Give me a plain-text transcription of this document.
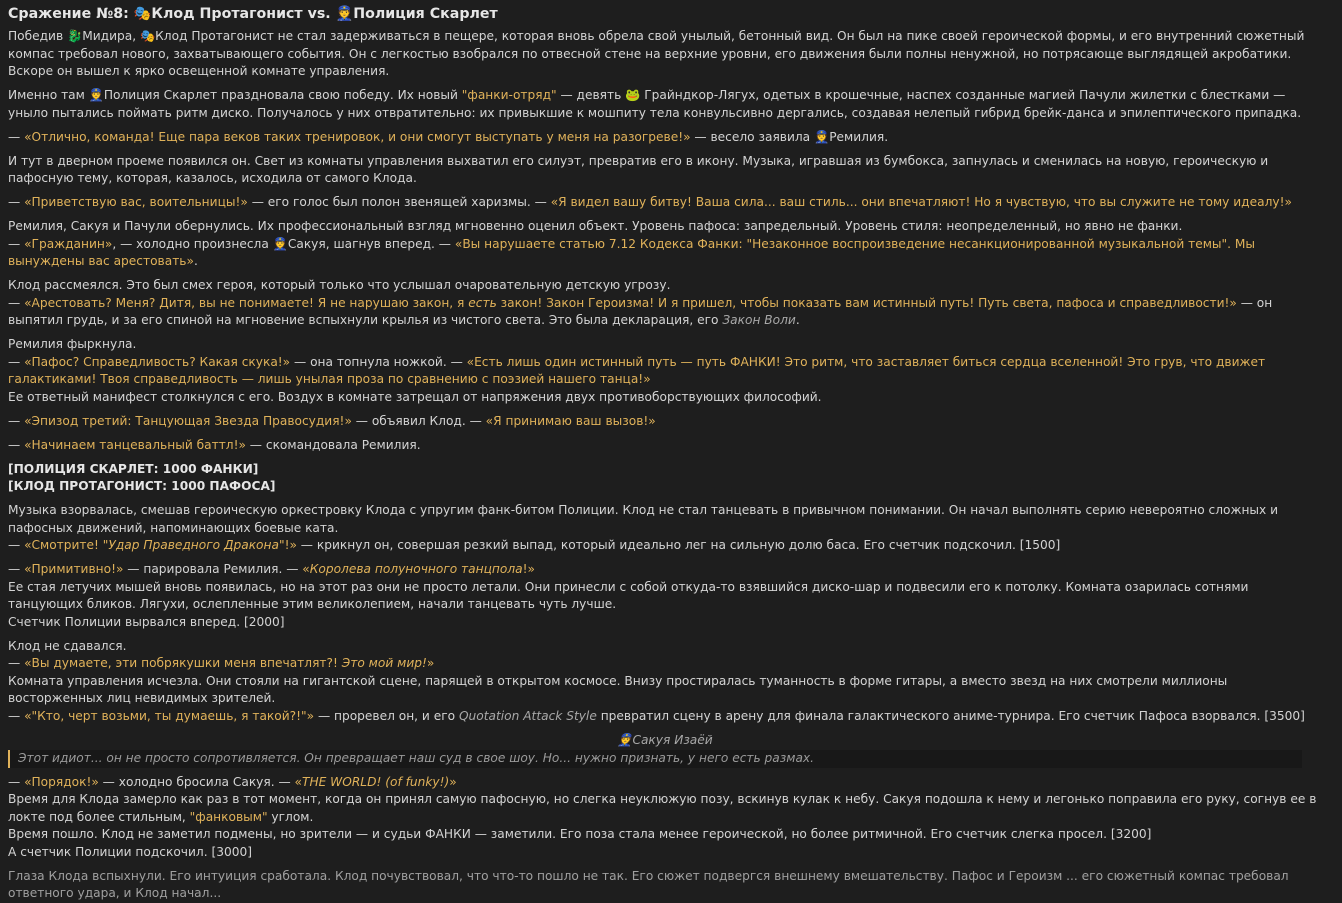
Сражение №8: 🎭Клод Протагонист vs. 👮Полиция Скарлет

Победив 🐉Мидира, 🎭Клод Протагонист не стал задерживаться в пещере, которая вновь обрела свой унылый, бетонный вид. Он был на пике своей героической формы, и его внутренний сюжетный компас требовал нового, захватывающего события. Он с легкостью взобрался по отвесной стене на верхние уровни, его движения были полны ненужной, но потрясающе выглядящей акробатики. Вскоре он вышел к ярко освещенной комнате управления.

Именно там 👮Полиция Скарлет праздновала свою победу. Их новый "фанки-отряд" — девять 🐸 Грайндкор-Лягух, одетых в крошечные, наспех созданные магией Пачули жилетки с блестками — уныло пытались поймать ритм диско. Получалось у них отвратительно: их привыкшие к мошпиту тела конвульсивно дергались, создавая нелепый гибрид брейк-данса и эпилептического припадка.

— «Отлично, команда! Еще пара веков таких тренировок, и они смогут выступать у меня на разогреве!» — весело заявила 👮Ремилия.

И тут в дверном проеме появился он. Свет из комнаты управления выхватил его силуэт, превратив его в икону. Музыка, игравшая из бумбокса, запнулась и сменилась на новую, героическую и пафосную тему, которая, казалось, исходила от самого Клода.

— «Приветствую вас, воительницы!» — его голос был полон звенящей харизмы. — «Я видел вашу битву! Ваша сила... ваш стиль... они впечатляют! Но я чувствую, что вы служите не тому идеалу!»

Ремилия, Сакуя и Пачули обернулись. Их профессиональный взгляд мгновенно оценил объект. Уровень пафоса: запредельный. Уровень стиля: неопределенный, но явно не фанки.
— «Гражданин», — холодно произнесла 👮Сакуя, шагнув вперед. — «Вы нарушаете статью 7.12 Кодекса Фанки: "Незаконное воспроизведение несанкционированной музыкальной темы". Мы вынуждены вас арестовать».

Клод рассмеялся. Это был смех героя, который только что услышал очаровательную детскую угрозу.
— «Арестовать? Меня? Дитя, вы не понимаете! Я не нарушаю закон, я есть закон! Закон Героизма! И я пришел, чтобы показать вам истинный путь! Путь света, пафоса и справедливости!» — он выпятил грудь, и за его спиной на мгновение вспыхнули крылья из чистого света. Это была декларация, его Закон Воли.

Ремилия фыркнула.
— «Пафос? Справедливость? Какая скука!» — она топнула ножкой. — «Есть лишь один истинный путь — путь ФАНКИ! Это ритм, что заставляет биться сердца вселенной! Это грув, что движет галактиками! Твоя справедливость — лишь унылая проза по сравнению с поэзией нашего танца!»
Ее ответный манифест столкнулся с его. Воздух в комнате затрещал от напряжения двух противоборствующих философий.

— «Эпизод третий: Танцующая Звезда Правосудия!» — объявил Клод. — «Я принимаю ваш вызов!»

— «Начинаем танцевальный баттл!» — скомандовала Ремилия.

[ПОЛИЦИЯ СКАРЛЕТ: 1000 ФАНКИ]
[КЛОД ПРОТАГОНИСТ: 1000 ПАФОСА]

Музыка взорвалась, смешав героическую оркестровку Клода с упругим фанк-битом Полиции. Клод не стал танцевать в привычном понимании. Он начал выполнять серию невероятно сложных и пафосных движений, напоминающих боевые ката.
— «Смотрите! "Удар Праведного Дракона"!» — крикнул он, совершая резкий выпад, который идеально лег на сильную долю баса. Его счетчик подскочил. [1500]

— «Примитивно!» — парировала Ремилия. — «Королева полуночного танцпола!»
Ее стая летучих мышей вновь появилась, но на этот раз они не просто летали. Они принесли с собой откуда-то взявшийся диско-шар и подвесили его к потолку. Комната озарилась сотнями танцующих бликов. Лягухи, ослепленные этим великолепием, начали танцевать чуть лучше.
Счетчик Полиции вырвался вперед. [2000]

Клод не сдавался.
— «Вы думаете, эти побрякушки меня впечатлят?! Это мой мир!»
Комната управления исчезла. Они стояли на гигантской сцене, парящей в открытом космосе. Внизу простиралась туманность в форме гитары, а вместо звезд на них смотрели миллионы восторженных лиц невидимых зрителей.
— «"Кто, черт возьми, ты думаешь, я такой?!"» — проревел он, и его Quotation Attack Style превратил сцену в арену для финала галактического аниме-турнира. Его счетчик Пафоса взорвался. [3500]

👮Сакуя Изаёй
Этот идиот... он не просто сопротивляется. Он превращает наш суд в свое шоу. Но... нужно признать, у него есть размах.

— «Порядок!» — холодно бросила Сакуя. — «THE WORLD! (of funky!)»
Время для Клода замерло как раз в тот момент, когда он принял самую пафосную, но слегка неуклюжую позу, вскинув кулак к небу. Сакуя подошла к нему и легонько поправила его руку, согнув ее в локте под более стильным, "фанковым" углом.
Время пошло. Клод не заметил подмены, но зрители — и судьи ФАНКИ — заметили. Его поза стала менее героической, но более ритмичной. Его счетчик слегка просел. [3200]
А счетчик Полиции подскочил. [3000]

Глаза Клода вспыхнули. Его интуиция сработала. Клод почувствовал, что что-то пошло не так. Его сюжет подвергся внешнему вмешательству. Пафос и Героизм ... его сюжетный компас требовал ответного удара, и Клод начал...
